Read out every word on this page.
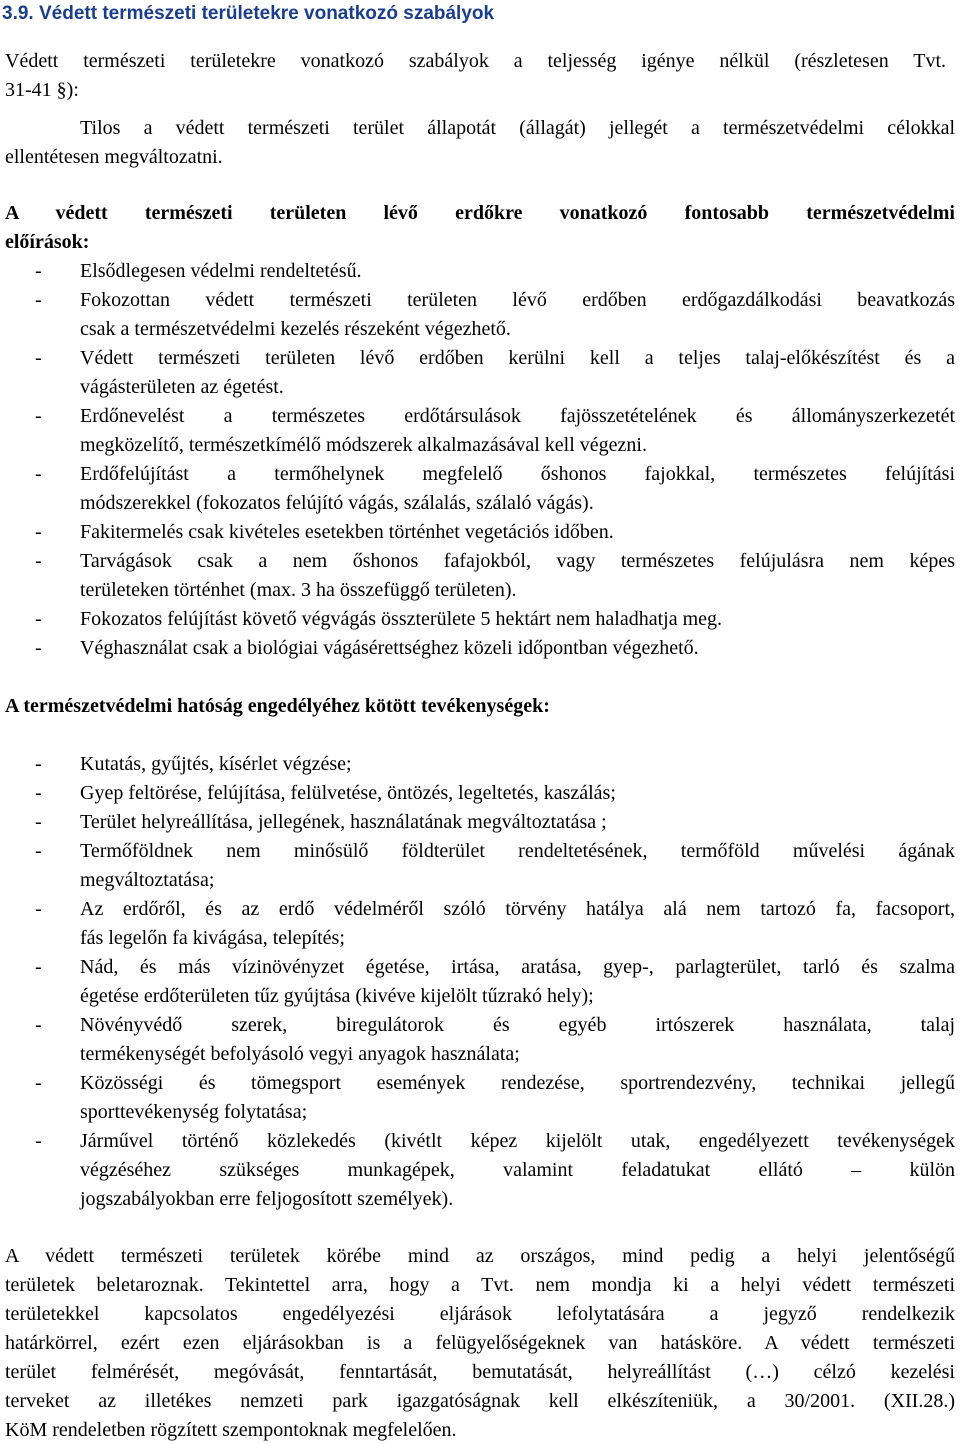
3.9. Védett természeti területekre vonatkozó szabályok
Védett természeti területekre vonatkozó szabályok a teljesség igénye nélkül (részletesen Tvt.
31-41 §):
Tilos a védett természeti terület állapotát (állagát) jellegét a természetvédelmi célokkal
ellentétesen megváltozatni.
A védett természeti területen lévő erdőkre vonatkozó fontosabb természetvédelmi
előírások:
- Elsődlegesen védelmi rendeltetésű.
- Fokozottan védett természeti területen lévő erdőben erdőgazdálkodási beavatkozás
csak a természetvédelmi kezelés részeként végezhető.
- Védett természeti területen lévő erdőben kerülni kell a teljes talaj-előkészítést és a
vágásterületen az égetést.
- Erdőnevelést a természetes erdőtársulások fajösszetételének és állományszerkezetét
megközelítő, természetkímélő módszerek alkalmazásával kell végezni.
- Erdőfelújítást a termőhelynek megfelelő őshonos fajokkal, természetes felújítási
módszerekkel (fokozatos felújító vágás, szálalás, szálaló vágás).
- Fakitermelés csak kivételes esetekben történhet vegetációs időben.
- Tarvágások csak a nem őshonos fafajokból, vagy természetes felújulásra nem képes
területeken történhet (max. 3 ha összefüggő területen).
- Fokozatos felújítást követő végvágás összterülete 5 hektárt nem haladhatja meg.
- Véghasználat csak a biológiai vágásérettséghez közeli időpontban végezhető.
A természetvédelmi hatóság engedélyéhez kötött tevékenységek:
- Kutatás, gyűjtés, kísérlet végzése;
- Gyep feltörése, felújítása, felülvetése, öntözés, legeltetés, kaszálás;
- Terület helyreállítása, jellegének, használatának megváltoztatása ;
- Termőföldnek nem minősülő földterület rendeltetésének, termőföld művelési ágának
megváltoztatása;
- Az erdőről, és az erdő védelméről szóló törvény hatálya alá nem tartozó fa, facsoport,
fás legelőn fa kivágása, telepítés;
- Nád, és más vízinövényzet égetése, irtása, aratása, gyep-, parlagterület, tarló és szalma
égetése erdőterületen tűz gyújtása (kivéve kijelölt tűzrakó hely);
- Növényvédő szerek, biregulátorok és egyéb irtószerek használata, talaj
termékenységét befolyásoló vegyi anyagok használata;
- Közösségi és tömegsport események rendezése, sportrendezvény, technikai jellegű
sporttevékenység folytatása;
- Járművel történő közlekedés (kivétlt képez kijelölt utak, engedélyezett tevékenységek
végzéséhez szükséges munkagépek, valamint feladatukat ellátó – külön
jogszabályokban erre feljogosított személyek).
A védett természeti területek körébe mind az országos, mind pedig a helyi jelentőségű
területek beletaroznak. Tekintettel arra, hogy a Tvt. nem mondja ki a helyi védett természeti
területekkel kapcsolatos engedélyezési eljárások lefolytatására a jegyző rendelkezik
határkörrel, ezért ezen eljárásokban is a felügyelőségeknek van hatásköre. A védett természeti
terület felmérését, megóvását, fenntartását, bemutatását, helyreállítást (…) célzó kezelési
terveket az illetékes nemzeti park igazgatóságnak kell elkészíteniük, a 30/2001. (XII.28.)
KöM rendeletben rögzített szempontoknak megfelelően.
